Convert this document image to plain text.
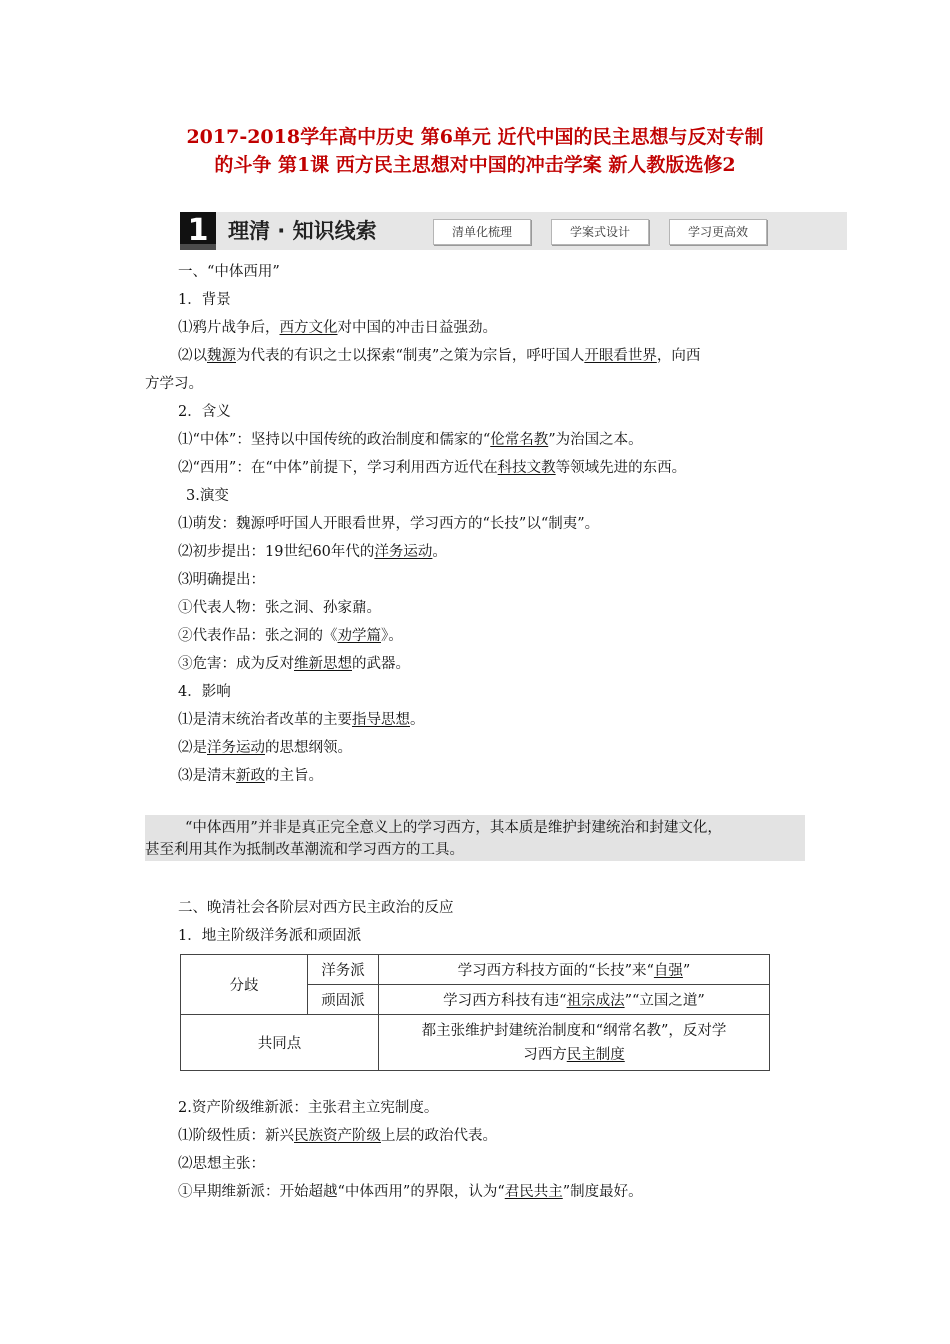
2017-2018学年高中历史 第6单元 近代中国的民主思想与反对专制
的斗争 第1课 西方民主思想对中国的冲击学案 新人教版选修2
1 理清 · 知识线索	清单化梳理	学案式设计	学习更高效
一、“中体西用”
1．背景
⑴鸦片战争后，西方文化对中国的冲击日益强劲。
⑵以魏源为代表的有识之士以探索“制夷”之策为宗旨，呼吁国人开眼看世界，向西
方学习。
2．含义
⑴“中体”：坚持以中国传统的政治制度和儒家的“伦常名教”为治国之本。
⑵“西用”：在“中体”前提下，学习利用西方近代在科技文教等领域先进的东西。
3.演变
⑴萌发：魏源呼吁国人开眼看世界，学习西方的“长技”以“制夷”。
⑵初步提出：19世纪60年代的洋务运动。
⑶明确提出：
①代表人物：张之洞、孙家鼐。
②代表作品：张之洞的《劝学篇》。
③危害：成为反对维新思想的武器。
4．影响
⑴是清末统治者改革的主要指导思想。
⑵是洋务运动的思想纲领。
⑶是清末新政的主旨。
“中体西用”并非是真正完全意义上的学习西方，其本质是维护封建统治和封建文化，
甚至利用其作为抵制改革潮流和学习西方的工具。
二、晚清社会各阶层对西方民主政治的反应
1．地主阶级洋务派和顽固派
分歧	洋务派	学习西方科技方面的“长技”来“自强”
	顽固派	学习西方科技有违“祖宗成法”“立国之道”
共同点		都主张维护封建统治制度和“纲常名教”，反对学
习西方民主制度
2.资产阶级维新派：主张君主立宪制度。
⑴阶级性质：新兴民族资产阶级上层的政治代表。
⑵思想主张：
①早期维新派：开始超越“中体西用”的界限，认为“君民共主”制度最好。
